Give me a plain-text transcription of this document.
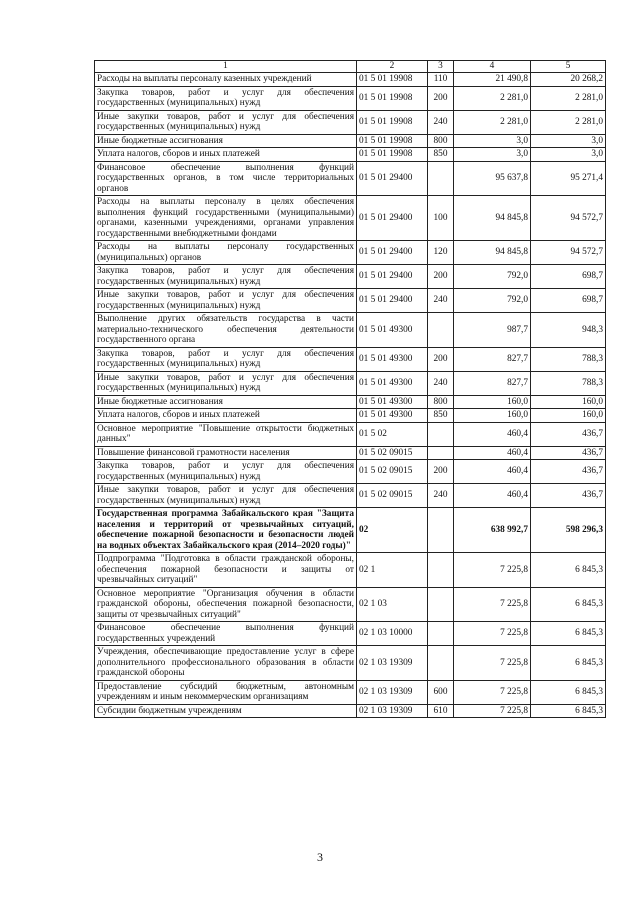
1	2	3	4	5
Расходы на выплаты персоналу казенных учреждений	01 5 01 19908	110	21 490,8	20 268,2
Закупка товаров, работ и услуг для обеспечения государственных (муниципальных) нужд	01 5 01 19908	200	2 281,0	2 281,0
Иные закупки товаров, работ и услуг для обеспечения государственных (муниципальных) нужд	01 5 01 19908	240	2 281,0	2 281,0
Иные бюджетные ассигнования	01 5 01 19908	800	3,0	3,0
Уплата налогов, сборов и иных платежей	01 5 01 19908	850	3,0	3,0
Финансовое обеспечение выполнения функций государственных органов, в том числе территориальных органов	01 5 01 29400		95 637,8	95 271,4
Расходы на выплаты персоналу в целях обеспечения выполнения функций государственными (муниципальными) органами, казенными учреждениями, органами управления государственными внебюджетными фондами	01 5 01 29400	100	94 845,8	94 572,7
Расходы на выплаты персоналу государственных (муниципальных) органов	01 5 01 29400	120	94 845,8	94 572,7
Закупка товаров, работ и услуг для обеспечения государственных (муниципальных) нужд	01 5 01 29400	200	792,0	698,7
Иные закупки товаров, работ и услуг для обеспечения государственных (муниципальных) нужд	01 5 01 29400	240	792,0	698,7
Выполнение других обязательств государства в части материально-технического обеспечения деятельности государственного органа	01 5 01 49300		987,7	948,3
Закупка товаров, работ и услуг для обеспечения государственных (муниципальных) нужд	01 5 01 49300	200	827,7	788,3
Иные закупки товаров, работ и услуг для обеспечения государственных (муниципальных) нужд	01 5 01 49300	240	827,7	788,3
Иные бюджетные ассигнования	01 5 01 49300	800	160,0	160,0
Уплата налогов, сборов и иных платежей	01 5 01 49300	850	160,0	160,0
Основное мероприятие "Повышение открытости бюджетных данных"	01 5 02		460,4	436,7
Повышение финансовой грамотности населения	01 5 02 09015		460,4	436,7
Закупка товаров, работ и услуг для обеспечения государственных (муниципальных) нужд	01 5 02 09015	200	460,4	436,7
Иные закупки товаров, работ и услуг для обеспечения государственных (муниципальных) нужд	01 5 02 09015	240	460,4	436,7
Государственная программа Забайкальского края "Защита населения и территорий от чрезвычайных ситуаций, обеспечение пожарной безопасности и безопасности людей на водных объектах Забайкальского края (2014–2020 годы)"	02		638 992,7	598 296,3
Подпрограмма "Подготовка в области гражданской обороны, обеспечения пожарной безопасности и защиты от чрезвычайных ситуаций"	02 1		7 225,8	6 845,3
Основное мероприятие "Организация обучения в области гражданской обороны, обеспечения пожарной безопасности, защиты от чрезвычайных ситуаций"	02 1 03		7 225,8	6 845,3
Финансовое обеспечение выполнения функций государственных учреждений	02 1 03 10000		7 225,8	6 845,3
Учреждения, обеспечивающие предоставление услуг в сфере дополнительного профессионального образования в области гражданской обороны	02 1 03 19309		7 225,8	6 845,3
Предоставление субсидий бюджетным, автономным учреждениям и иным некоммерческим организациям	02 1 03 19309	600	7 225,8	6 845,3
Субсидии бюджетным учреждениям	02 1 03 19309	610	7 225,8	6 845,3
3
